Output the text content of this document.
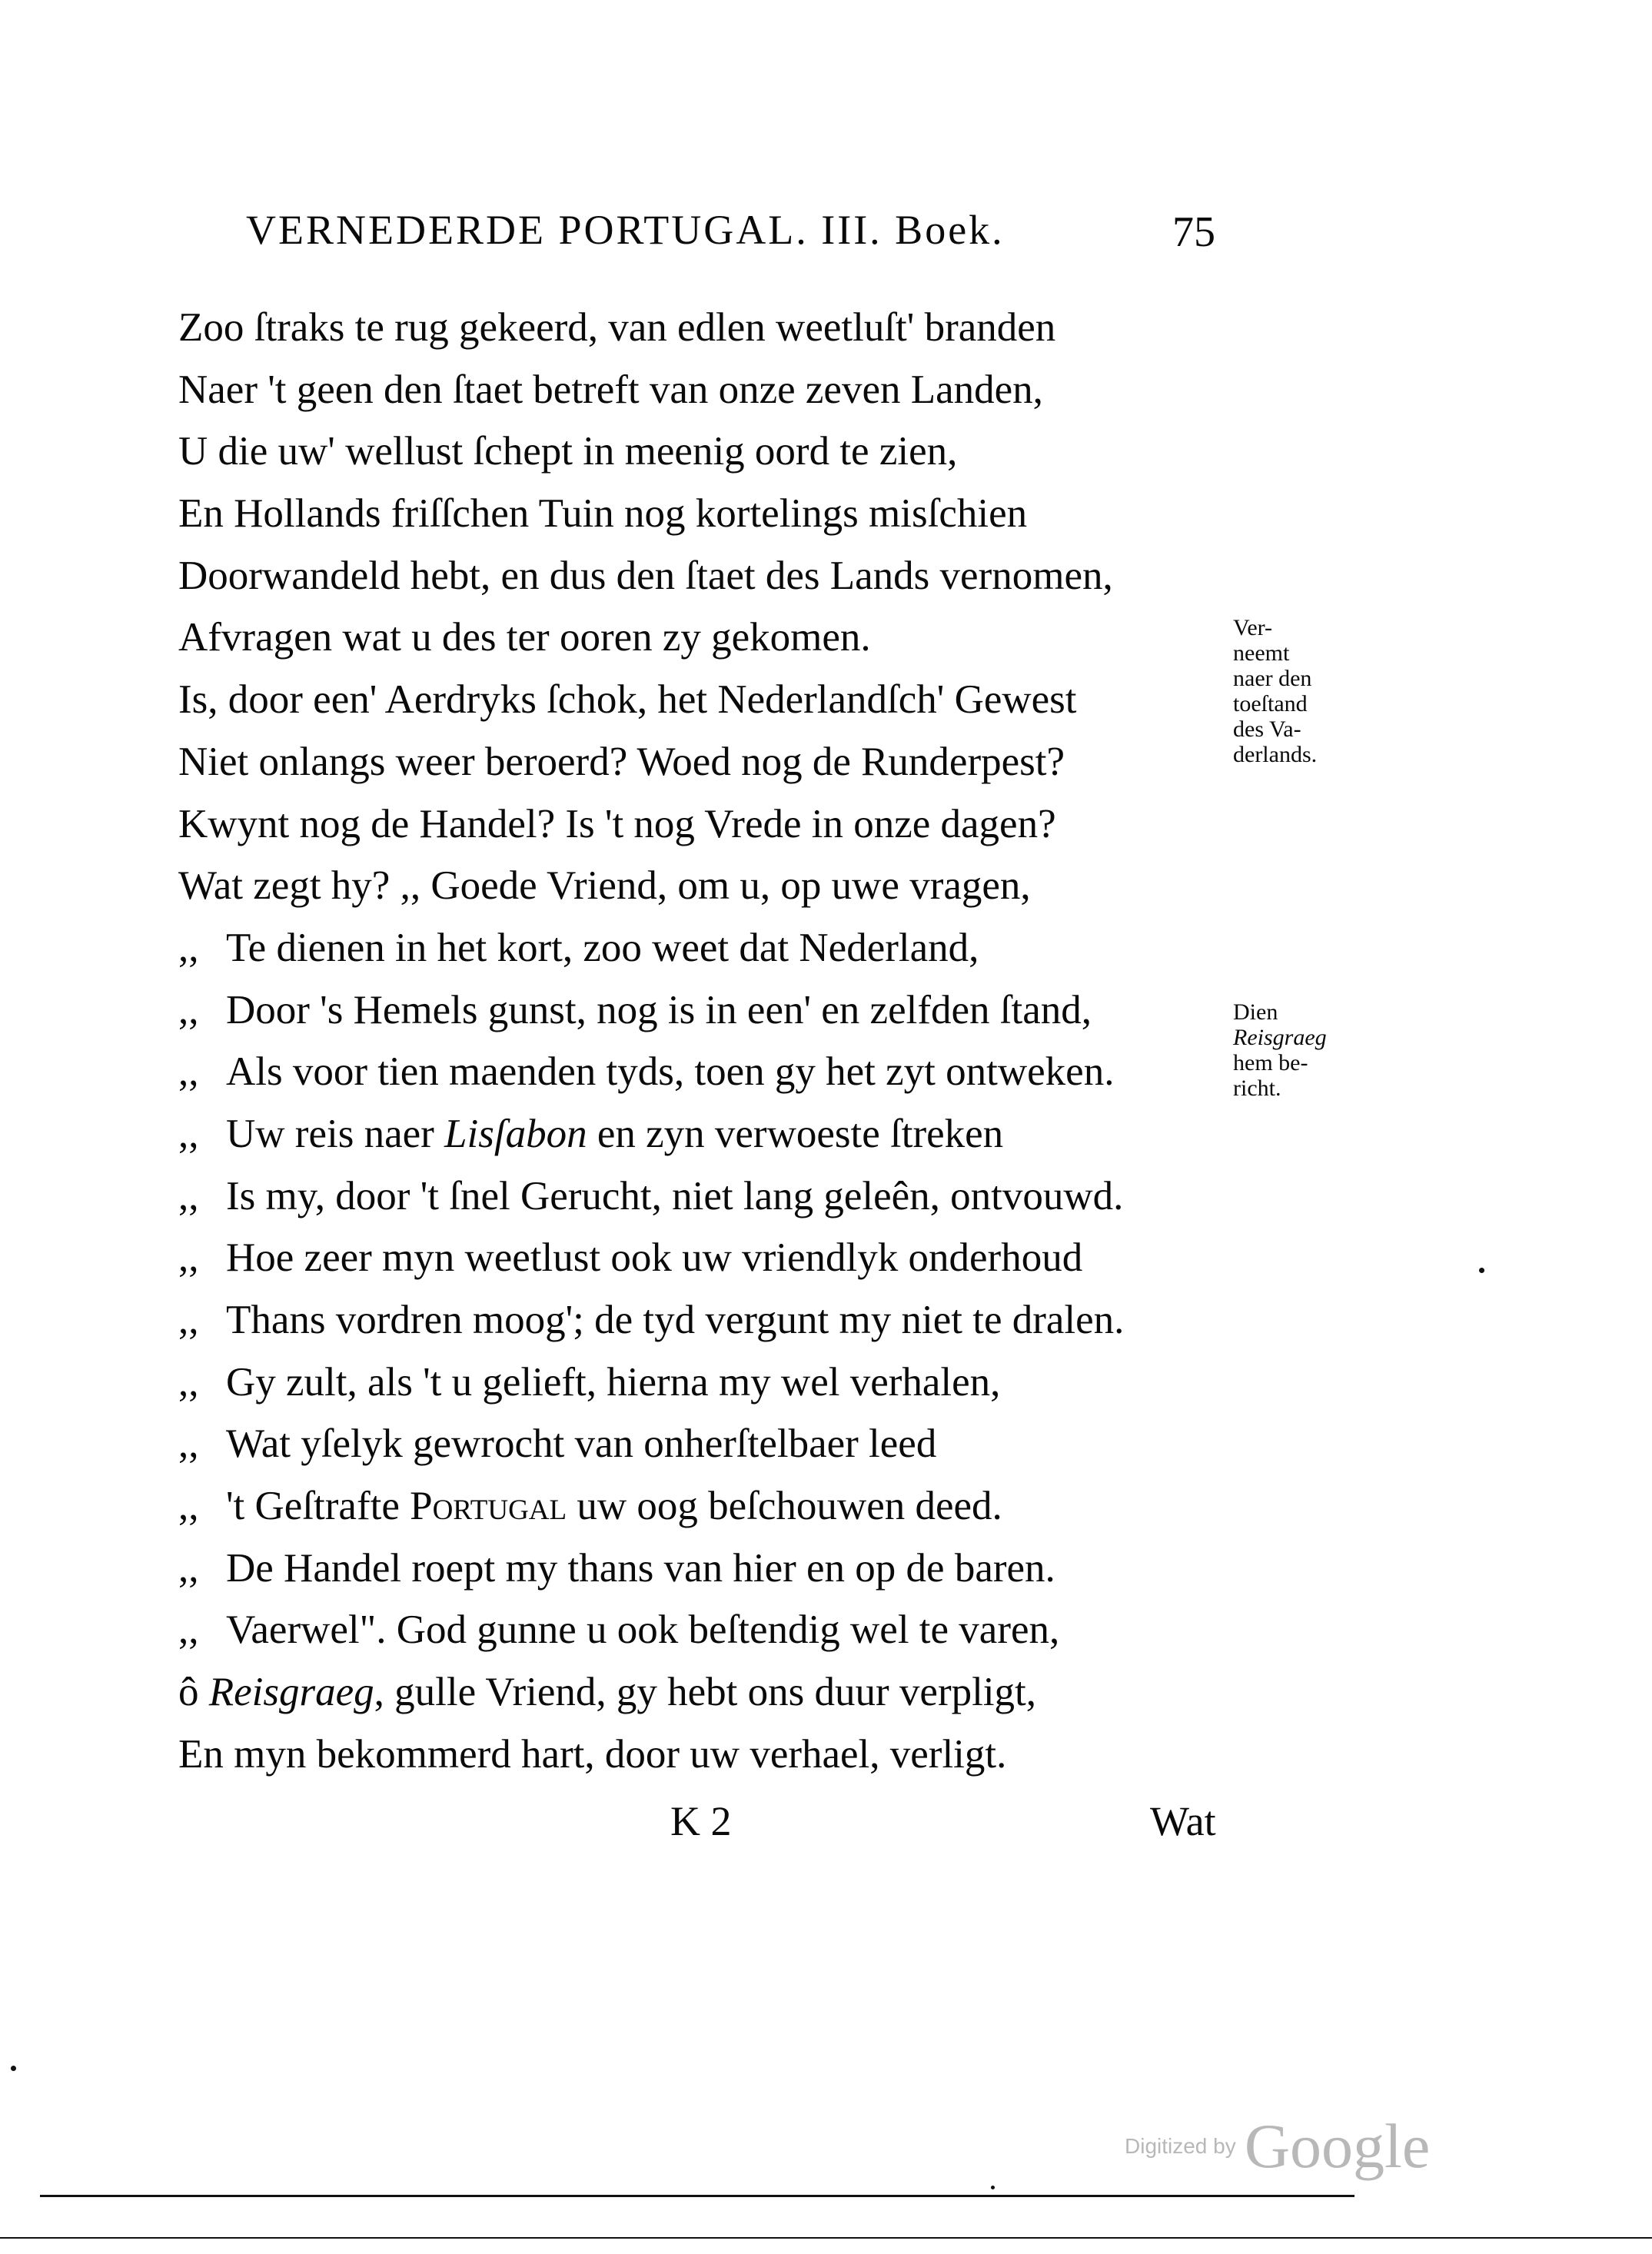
VERNEDERDE PORTUGAL. III. Boek.	75
Zoo ſtraks te rug gekeerd, van edlen weetluſt' branden
Naer 't geen den ſtaet betreft van onze zeven Landen,
U die uw' wellust ſchept in meenig oord te zien,
En Hollands friſſchen Tuin nog kortelings misſchien
Doorwandeld hebt, en dus den ſtaet des Lands vernomen,
Afvragen wat u des ter ooren zy gekomen.
Is, door een' Aerdryks ſchok, het Nederlandſch' Gewest
Niet onlangs weer beroerd? Woed nog de Runderpest?
Kwynt nog de Handel? Is 't nog Vrede in onze dagen?
Wat zegt hy? ,, Goede Vriend, om u, op uwe vragen,
,, Te dienen in het kort, zoo weet dat Nederland,
,, Door 's Hemels gunst, nog is in een' en zelfden ſtand,
,, Als voor tien maenden tyds, toen gy het zyt ontweken.
,, Uw reis naer Lisſabon en zyn verwoeste ſtreken
,, Is my, door 't ſnel Gerucht, niet lang geleên, ontvouwd.
,, Hoe zeer myn weetlust ook uw vriendlyk onderhoud
,, Thans vordren moog'; de tyd vergunt my niet te dralen.
,, Gy zult, als 't u gelieft, hierna my wel verhalen,
,, Wat yſelyk gewrocht van onherſtelbaer leed
,, 't Geſtrafte Portugal uw oog beſchouwen deed.
,, De Handel roept my thans van hier en op de baren.
,, Vaerwel". God gunne u ook beſtendig wel te varen,
ô Reisgraeg, gulle Vriend, gy hebt ons duur verpligt,
En myn bekommerd hart, door uw verhael, verligt.
Ver-
neemt
naer den
toeſtand
des Va-
derlands.
Dien
Reisgraeg
hem be-
richt.
K 2	Wat
Digitized by Google
